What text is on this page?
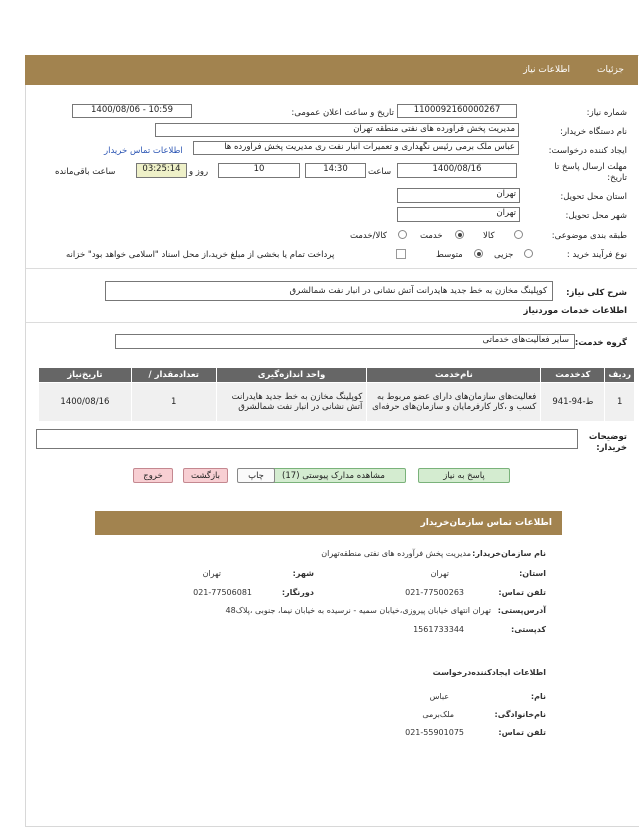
جزئیات
اطلاعات نیاز
شماره نیاز:
1100092160000267
تاریخ و ساعت اعلان عمومی:
1400/08/06 - 10:59
نام دستگاه خریدار:
مدیریت پخش فرآورده های نفتی منطقه تهران
ایجاد کننده درخواست:
عباس ملک برمی رئیس نگهداری و تعمیرات انبار نفت ری مدیریت پخش فرآورده ها
اطلاعات تماس خریدار
مهلت ارسال پاسخ تا تاریخ:
1400/08/16
ساعت
14:30
10
روز و
03:25:14
ساعت باقی‌مانده
استان محل تحویل:
تهران
شهر محل تحویل:
تهران
طبقه بندی موضوعی:
کالا
خدمت
کالا/خدمت
نوع فرآیند خرید :
جزیی
متوسط
پرداخت تمام یا بخشی از مبلغ خرید،از محل اسناد "اسلامی خواهد بود" خزانه
شرح کلی نیاز:
کوپلینگ مخازن به خط جدید هایدرانت آتش نشانی در انبار نفت شمالشرق
اطلاعات خدمات موردنیاز
گروه خدمت:
سایر فعالیت‌های خدماتی
ردیف	کدخدمت	نام‌خدمت	واحد اندازه‌گیری	تعدادمقدار /	تاریخ‌نیاز
1	ط-94-941	فعالیت‌های سازمان‌های دارای عضو مربوط به کسب و ،کار کارفرمایان و سازمان‌های حرفه‌ای	کوپلینگ مخازن به خط جدید هایدرانت آتش نشانی در انبار نفت شمالشرق	1	1400/08/16
توضیحات خریدار:
پاسخ به نیاز
مشاهده مدارک پیوستی (17)
چاپ
بازگشت
خروج
اطلاعات تماس سازمان‌خریدار
نام سازمان‌خریدار:
مدیریت پخش فرآورده های نفتی منطقه‌تهران
استان:
تهران
شهر:
تهران
تلفن تماس:
021-77500263
دورنگار:
021-77506081
آدرس‌پستی:
تهران انتهای خیابان پیروزی،خیابان سمیه - نرسیده به خیابان نیما، جنوبی ،پلاک48
کدپستی:
1561733344
اطلاعات ایجادکننده‌درخواست
نام:
عباس
نام‌خانوادگی:
ملک‌برمی
تلفن تماس:
021-55901075
